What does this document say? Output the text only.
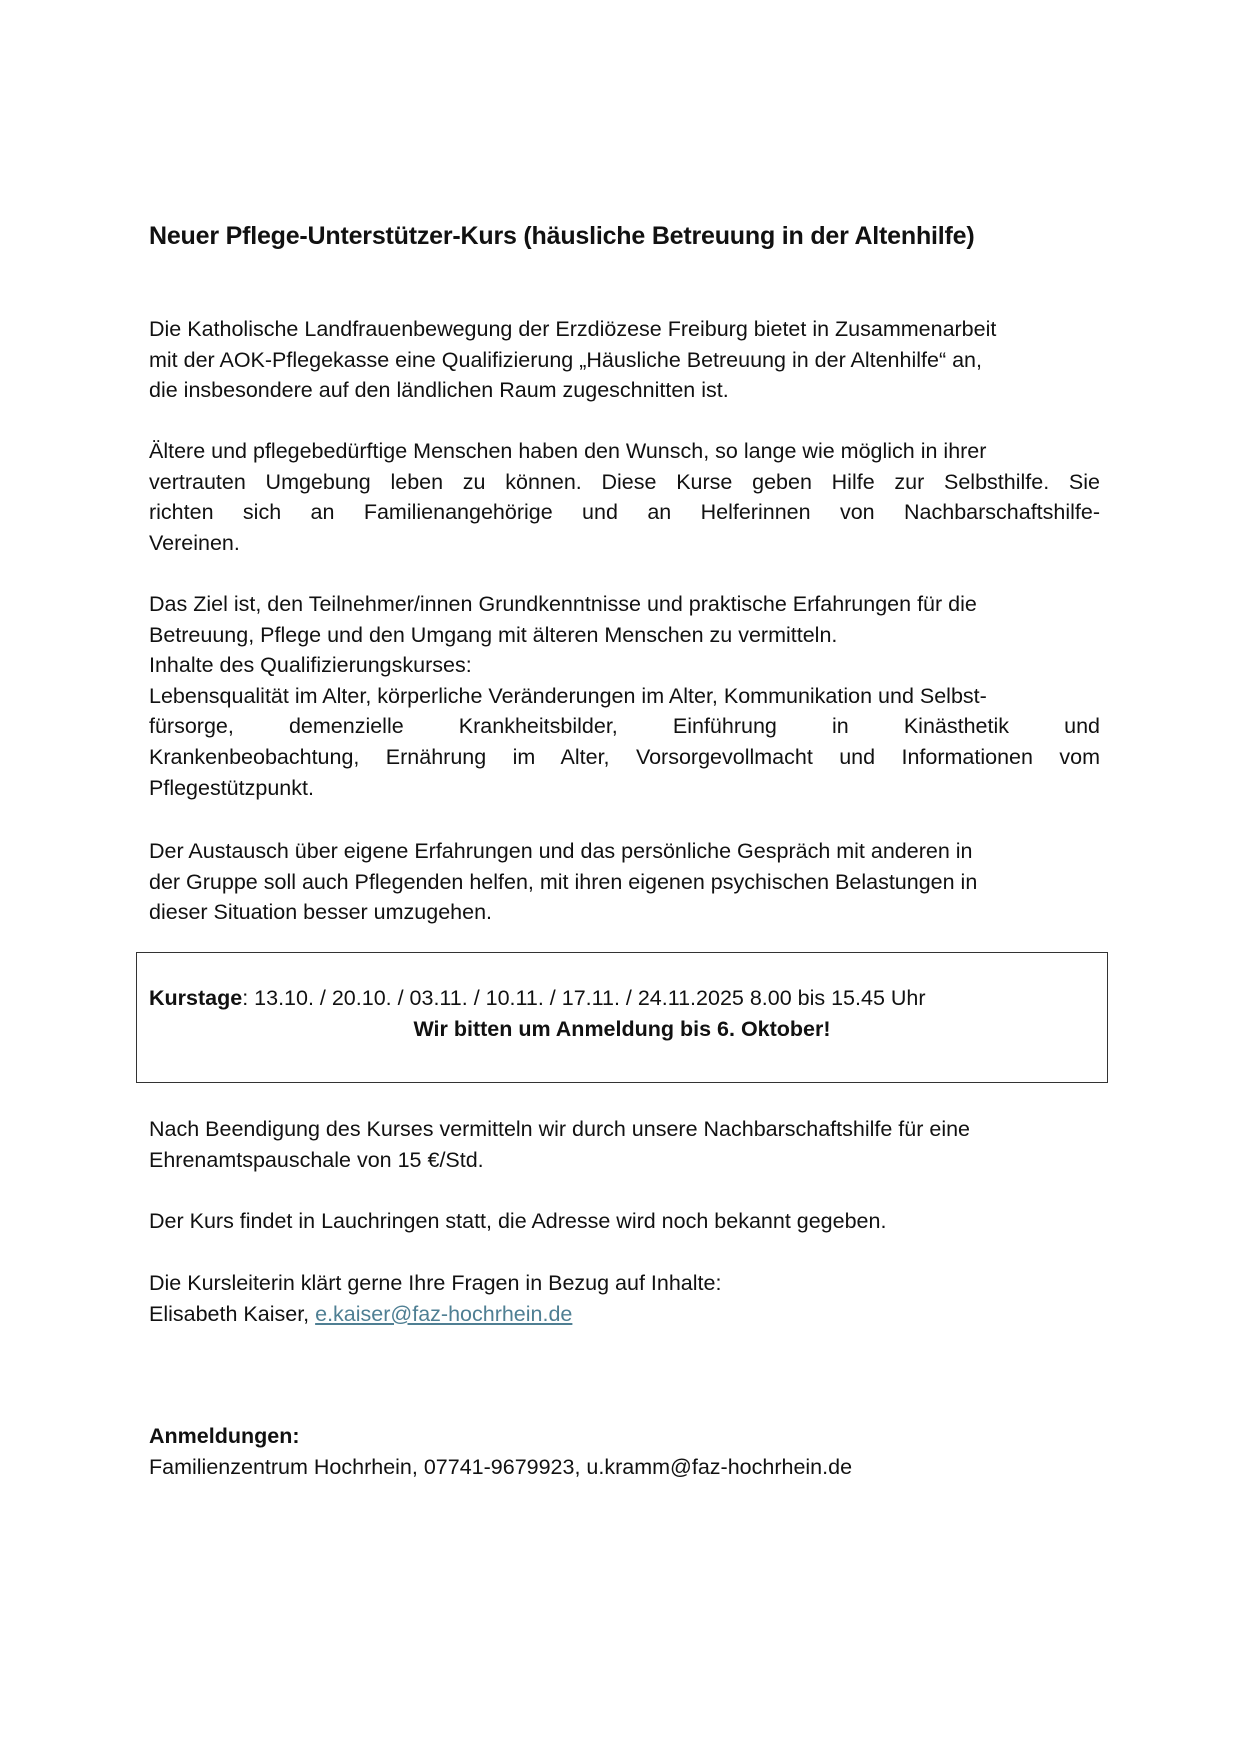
Neuer Pflege-Unterstützer-Kurs (häusliche Betreuung in der Altenhilfe)
Die Katholische Landfrauenbewegung der Erzdiözese Freiburg bietet in Zusammenarbeit
mit der AOK-Pflegekasse eine Qualifizierung „Häusliche Betreuung in der Altenhilfe“ an,
die insbesondere auf den ländlichen Raum zugeschnitten ist.
Ältere und pflegebedürftige Menschen haben den Wunsch, so lange wie möglich in ihrer
vertrauten Umgebung leben zu können. Diese Kurse geben Hilfe zur Selbsthilfe. Sie
richten sich an Familienangehörige und an Helferinnen von Nachbarschaftshilfe-
Vereinen.
Das Ziel ist, den Teilnehmer/innen Grundkenntnisse und praktische Erfahrungen für die
Betreuung, Pflege und den Umgang mit älteren Menschen zu vermitteln.
Inhalte des Qualifizierungskurses:
Lebensqualität im Alter, körperliche Veränderungen im Alter, Kommunikation und Selbst-
fürsorge, demenzielle Krankheitsbilder, Einführung in Kinästhetik und
Krankenbeobachtung, Ernährung im Alter, Vorsorgevollmacht und Informationen vom
Pflegestützpunkt.
Der Austausch über eigene Erfahrungen und das persönliche Gespräch mit anderen in
der Gruppe soll auch Pflegenden helfen, mit ihren eigenen psychischen Belastungen in
dieser Situation besser umzugehen.
Nach Beendigung des Kurses vermitteln wir durch unsere Nachbarschaftshilfe für eine
Ehrenamtspauschale von 15 €/Std.
Der Kurs findet in Lauchringen statt, die Adresse wird noch bekannt gegeben.
Die Kursleiterin klärt gerne Ihre Fragen in Bezug auf Inhalte:
Elisabeth Kaiser, e.kaiser@faz-hochrhein.de
Anmeldungen:
Familienzentrum Hochrhein, 07741-9679923, u.kramm@faz-hochrhein.de
Kurstage: 13.10. / 20.10. / 03.11. / 10.11. / 17.11. / 24.11.2025 8.00 bis 15.45 Uhr
Wir bitten um Anmeldung bis 6. Oktober!
